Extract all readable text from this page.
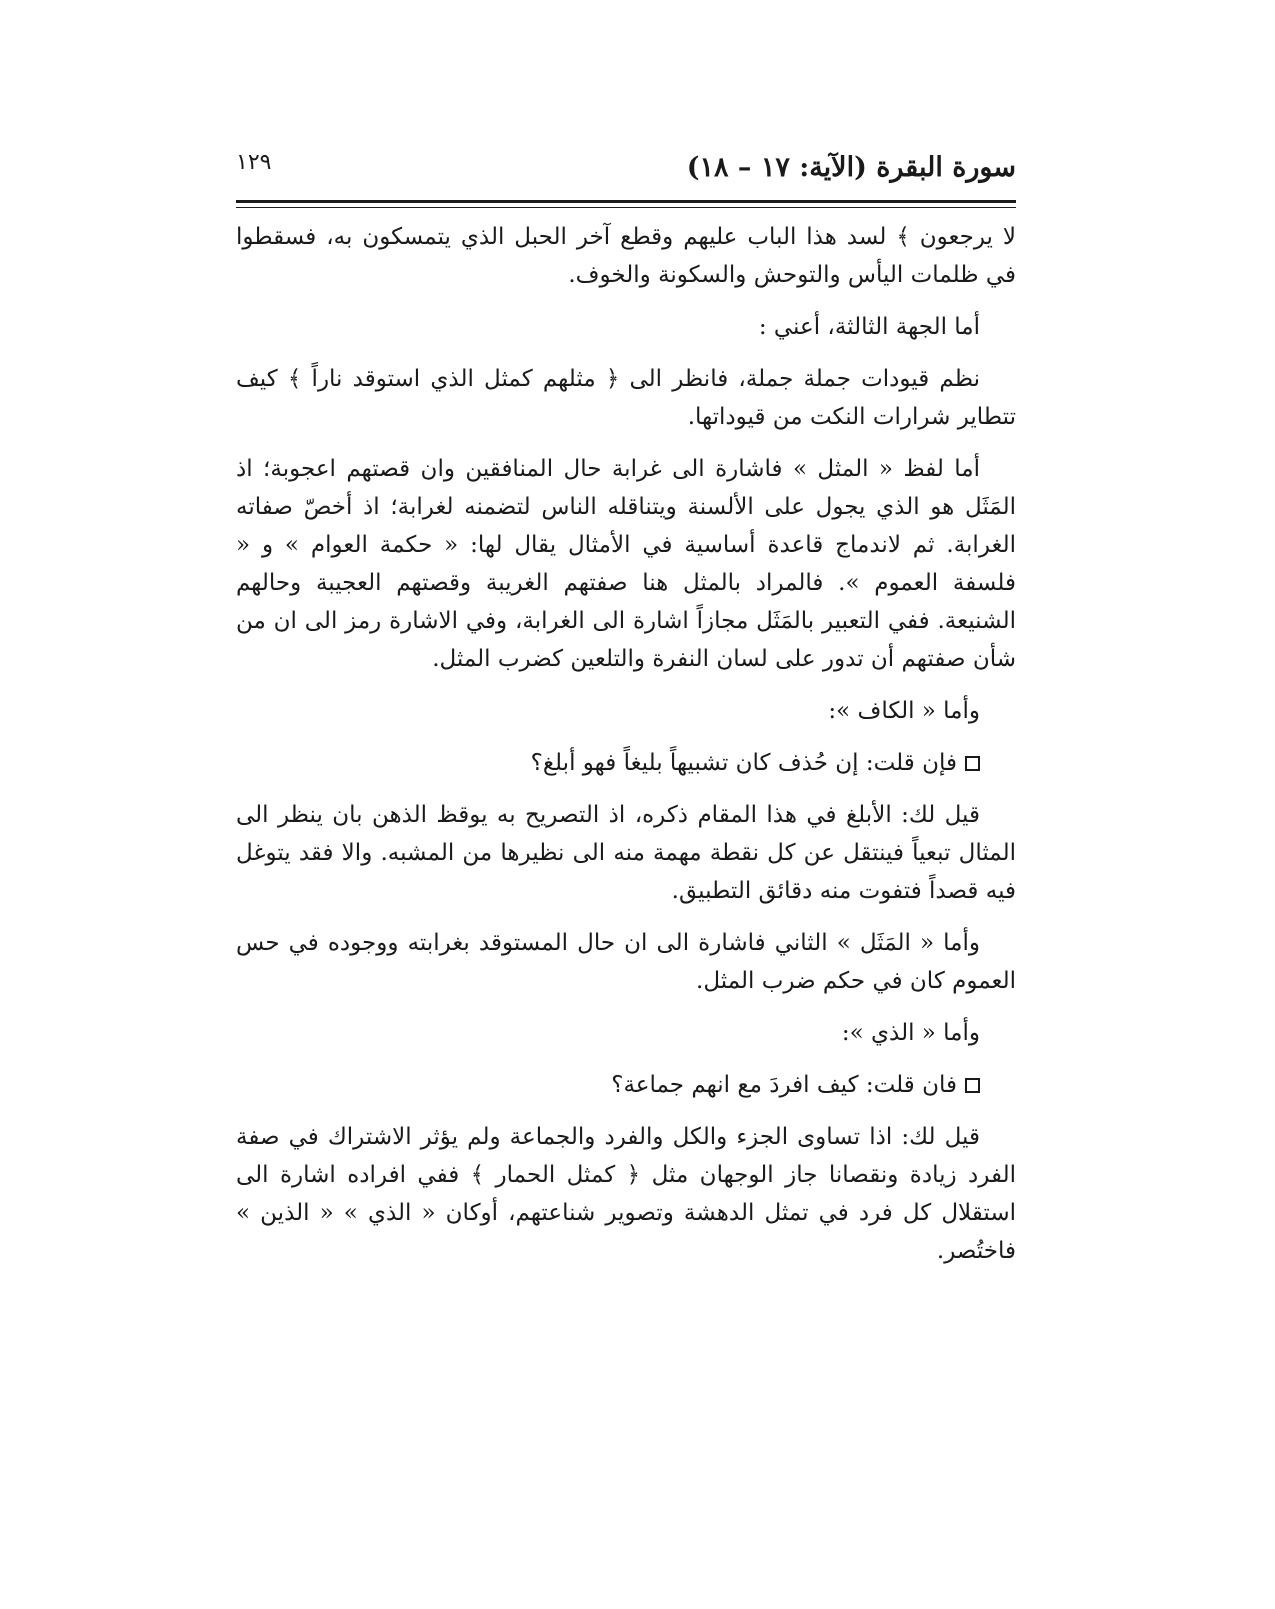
١٢٩	سورة البقرة (الآية: ١٧ – ١٨)

لا يرجعون ﴾ لسد هذا الباب عليهم وقطع آخر الحبل الذي يتمسكون به، فسقطوا في ظلمات اليأس والتوحش والسكونة والخوف.

أما الجهة الثالثة، أعني :

نظم قيودات جملة جملة، فانظر الى ﴿ مثلهم كمثل الذي استوقد ناراً ﴾ كيف تتطاير شرارات النكت من قيوداتها.

أما لفظ « المثل » فاشارة الى غرابة حال المنافقين وان قصتهم اعجوبة؛ اذ المَثَل هو الذي يجول على الألسنة ويتناقله الناس لتضمنه لغرابة؛ اذ أخصّ صفاته الغرابة. ثم لاندماج قاعدة أساسية في الأمثال يقال لها: « حكمة العوام » و « فلسفة العموم ». فالمراد بالمثل هنا صفتهم الغريبة وقصتهم العجيبة وحالهم الشنيعة. ففي التعبير بالمَثَل مجازاً اشارة الى الغرابة، وفي الاشارة رمز الى ان من شأن صفتهم أن تدور على لسان النفرة والتلعين كضرب المثل.

وأما « الكاف »:

فإن قلت: إن حُذف كان تشبيهاً بليغاً فهو أبلغ؟

قيل لك: الأبلغ في هذا المقام ذكره، اذ التصريح به يوقظ الذهن بان ينظر الى المثال تبعياً فينتقل عن كل نقطة مهمة منه الى نظيرها من المشبه. والا فقد يتوغل فيه قصداً فتفوت منه دقائق التطبيق.

وأما « المَثَل » الثاني فاشارة الى ان حال المستوقد بغرابته ووجوده في حس العموم كان في حكم ضرب المثل.

وأما « الذي »:

فان قلت: كيف افردَ مع انهم جماعة؟

قيل لك: اذا تساوى الجزء والكل والفرد والجماعة ولم يؤثر الاشتراك في صفة الفرد زيادة ونقصانا جاز الوجهان مثل ﴿ كمثل الحمار ﴾ ففي افراده اشارة الى استقلال كل فرد في تمثل الدهشة وتصوير شناعتهم، أوكان « الذي » « الذين » فاختُصر.
